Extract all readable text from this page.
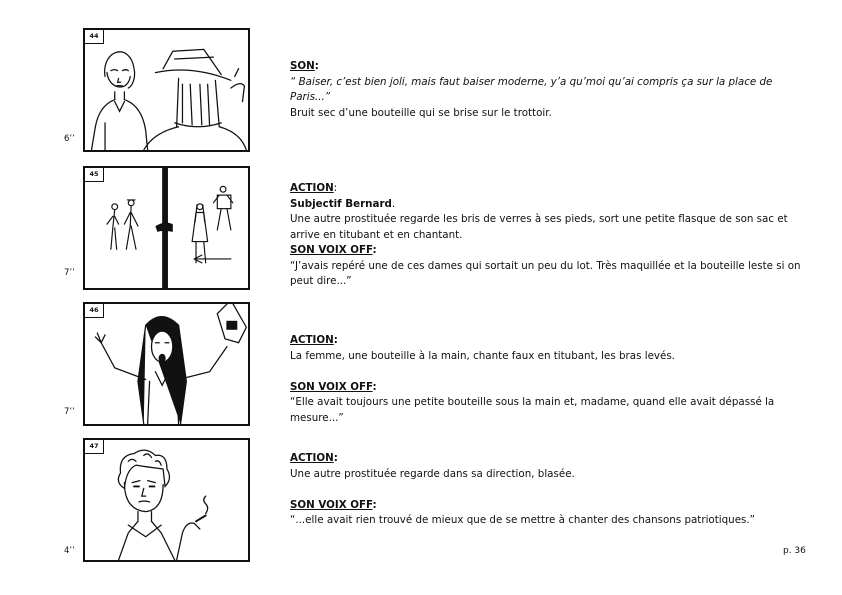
44
6’’
45
7’’
46
7’’
47
4’’

SON:

“ Baiser, c’est bien joli, mais faut baiser moderne, y’a qu’moi qu’ai compris ça sur la place de Paris...”

Bruit sec d’une bouteille qui se brise sur le trottoir.

ACTION:

Subjectif Bernard.

Une autre prostituée regarde les bris de verres à ses pieds, sort une petite flasque de son sac et arrive en titubant et en chantant.

SON VOIX OFF:

“J’avais repéré une de ces dames qui sortait un peu du lot. Très maquillée et la bouteille leste si on peut dire...”

ACTION:

La femme, une bouteille à la main, chante faux en titubant, les bras levés.

SON VOIX OFF:

“Elle avait toujours une petite bouteille sous la main et, madame, quand elle avait dépassé la mesure...”

ACTION:

Une autre prostituée regarde dans sa direction, blasée.

SON VOIX OFF:

“...elle avait rien trouvé de mieux que de se mettre à chanter des chansons patriotiques.”

p. 36
